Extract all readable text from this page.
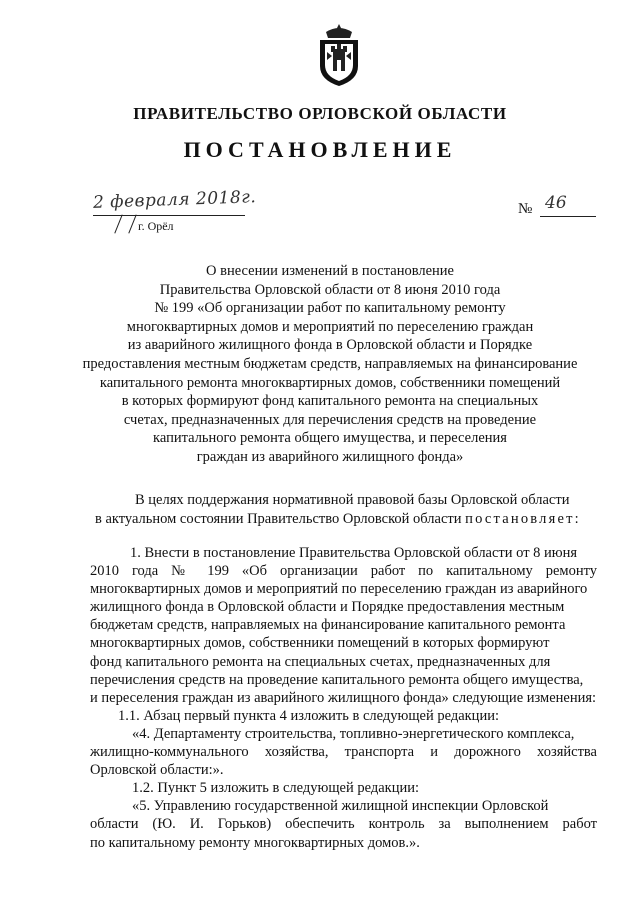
ПРАВИТЕЛЬСТВО ОРЛОВСКОЙ ОБЛАСТИ
ПОСТАНОВЛЕНИЕ
2 февраля 2018г.
г. Орёл
№ 46
О внесении изменений в постановление
Правительства Орловской области от 8 июня 2010 года
№ 199 «Об организации работ по капитальному ремонту
многоквартирных домов и мероприятий по переселению граждан
из аварийного жилищного фонда в Орловской области и Порядке
предоставления местным бюджетам средств, направляемых на финансирование
капитального ремонта многоквартирных домов, собственники помещений
в которых формируют фонд капитального ремонта на специальных
счетах, предназначенных для перечисления средств на проведение
капитального ремонта общего имущества, и переселения
граждан из аварийного жилищного фонда»
В целях поддержания нормативной правовой базы Орловской области
в актуальном состоянии Правительство Орловской области постановляет:
1. Внести в постановление Правительства Орловской области от 8 июня
2010 года № 199 «Об организации работ по капитальному ремонту
многоквартирных домов и мероприятий по переселению граждан из аварийного
жилищного фонда в Орловской области и Порядке предоставления местным
бюджетам средств, направляемых на финансирование капитального ремонта
многоквартирных домов, собственники помещений в которых формируют
фонд капитального ремонта на специальных счетах, предназначенных для
перечисления средств на проведение капитального ремонта общего имущества,
и переселения граждан из аварийного жилищного фонда» следующие изменения:
1.1. Абзац первый пункта 4 изложить в следующей редакции:
«4. Департаменту строительства, топливно-энергетического комплекса,
жилищно-коммунального хозяйства, транспорта и дорожного хозяйства
Орловской области:».
1.2. Пункт 5 изложить в следующей редакции:
«5. Управлению государственной жилищной инспекции Орловской
области (Ю. И. Горьков) обеспечить контроль за выполнением работ
по капитальному ремонту многоквартирных домов.».
